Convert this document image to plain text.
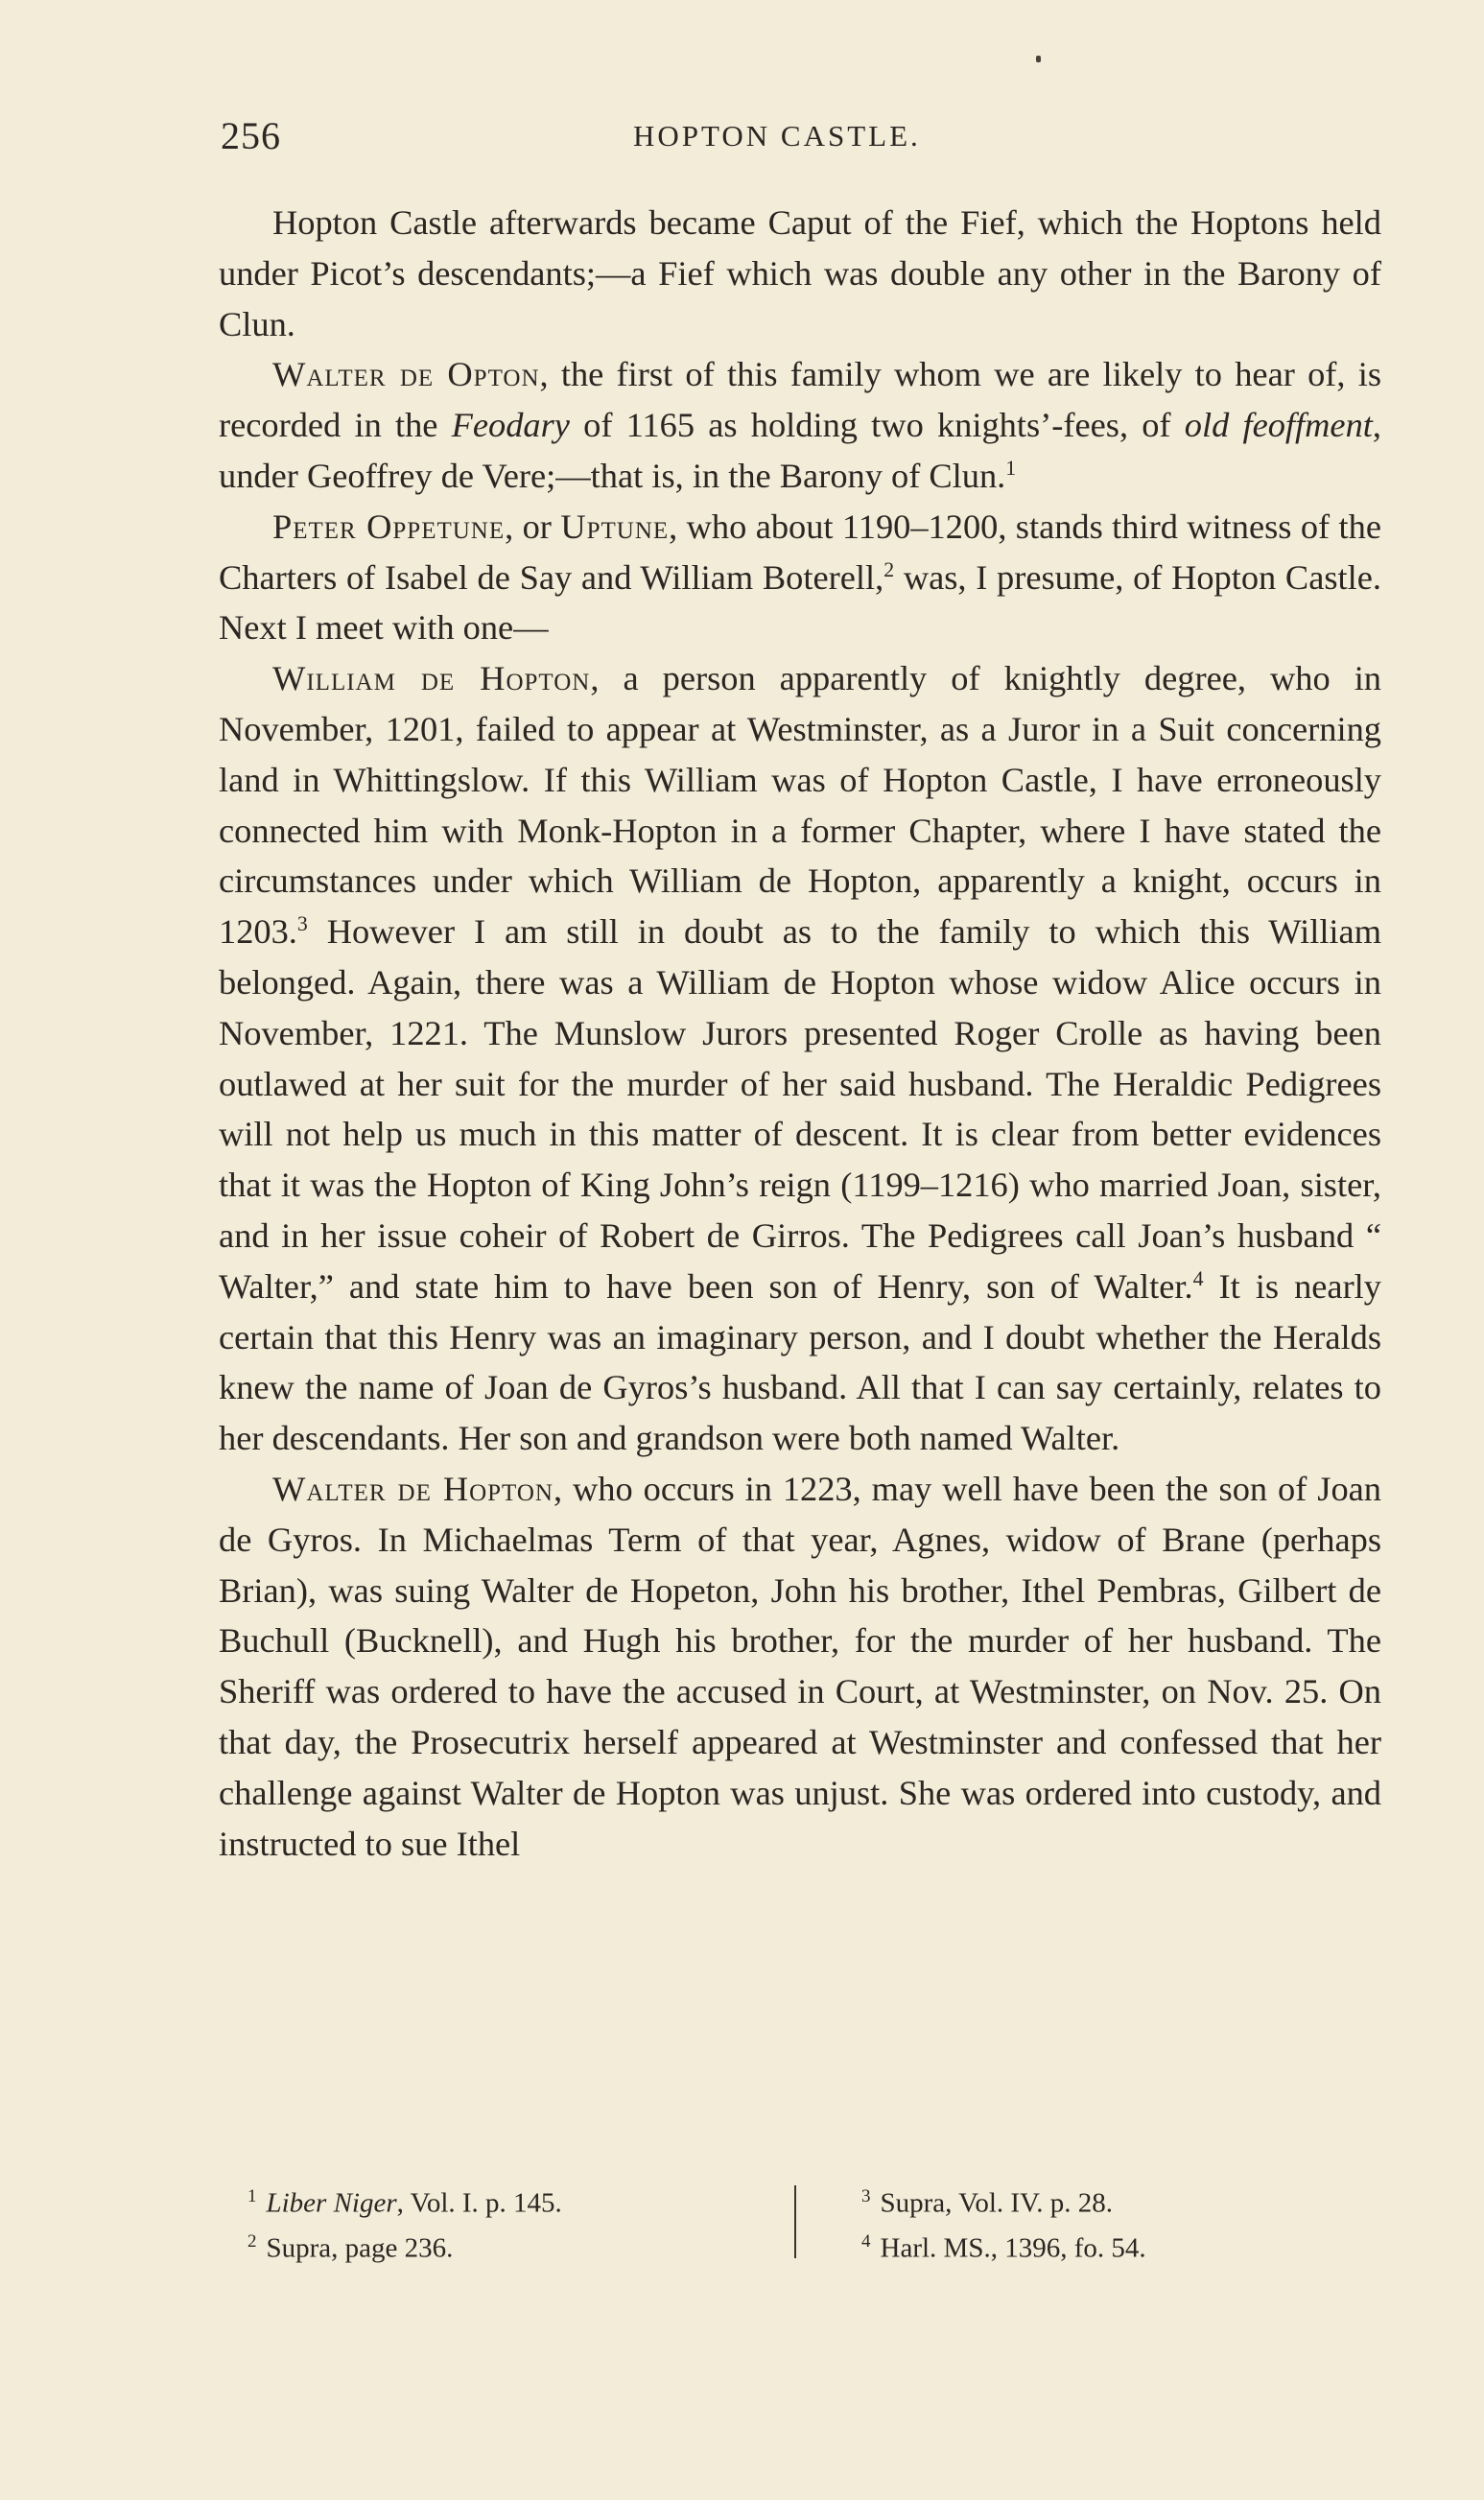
256	HOPTON CASTLE.

Hopton Castle afterwards became Caput of the Fief, which the Hoptons held under Picot’s descendants;—a Fief which was double any other in the Barony of Clun.

Walter de Opton, the first of this family whom we are likely to hear of, is recorded in the Feodary of 1165 as holding two knights’-fees, of old feoffment, under Geoffrey de Vere;—that is, in the Barony of Clun.$^1$

Peter Oppetune, or Uptune, who about 1190–1200, stands third witness of the Charters of Isabel de Say and William Boterell,$^2$ was, I presume, of Hopton Castle. Next I meet with one—

William de Hopton, a person apparently of knightly degree, who in November, 1201, failed to appear at Westminster, as a Juror in a Suit concerning land in Whittingslow. If this William was of Hopton Castle, I have erroneously connected him with Monk-Hopton in a former Chapter, where I have stated the circumstances under which William de Hopton, apparently a knight, occurs in 1203.$^3$ However I am still in doubt as to the family to which this William belonged. Again, there was a William de Hopton whose widow Alice occurs in November, 1221. The Munslow Jurors presented Roger Crolle as having been outlawed at her suit for the murder of her said husband. The Heraldic Pedigrees will not help us much in this matter of descent. It is clear from better evidences that it was the Hopton of King John’s reign (1199–1216) who married Joan, sister, and in her issue coheir of Robert de Girros. The Pedigrees call Joan’s husband “ Walter,” and state him to have been son of Henry, son of Walter.$^4$ It is nearly certain that this Henry was an imaginary person, and I doubt whether the Heralds knew the name of Joan de Gyros’s husband. All that I can say certainly, relates to her descendants. Her son and grandson were both named Walter.

Walter de Hopton, who occurs in 1223, may well have been the son of Joan de Gyros. In Michaelmas Term of that year, Agnes, widow of Brane (perhaps Brian), was suing Walter de Hopeton, John his brother, Ithel Pembras, Gilbert de Buchull (Bucknell), and Hugh his brother, for the murder of her husband. The Sheriff was ordered to have the accused in Court, at Westminster, on Nov. 25. On that day, the Prosecutrix herself appeared at Westminster and confessed that her challenge against Walter de Hopton was unjust. She was ordered into custody, and instructed to sue Ithel

$^1$ Liber Niger, Vol. I. p. 145.
$^2$ Supra, page 236.
$^3$ Supra, Vol. IV. p. 28.
$^4$ Harl. MS., 1396, fo. 54.
